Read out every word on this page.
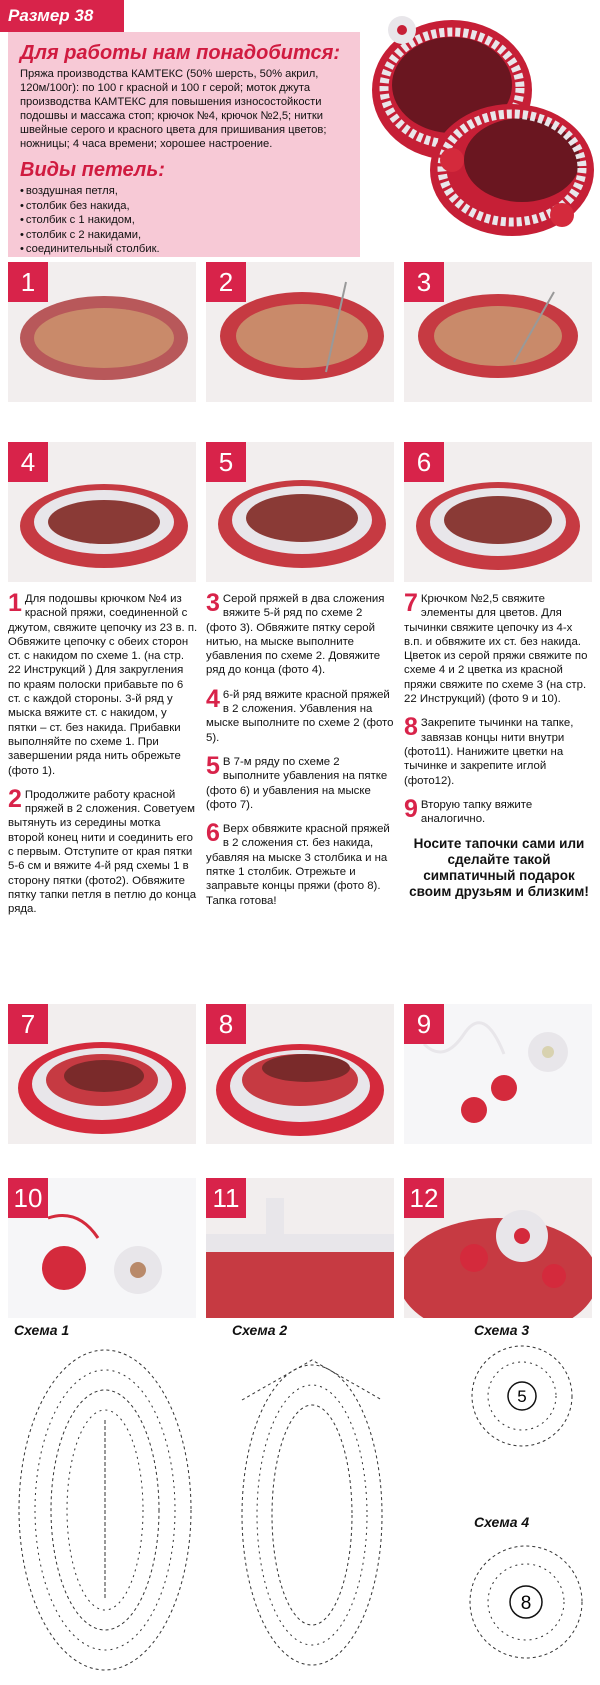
Размер 38

Для работы нам понадобится:

Пряжа производства КАМТЕКС (50% шерсть, 50% акрил, 120м/100г): по 100 г красной и 100 г серой; моток джута производства КАМТЕКС для повышения износостойкости подошвы и массажа стоп; крючок №4, крючок №2,5; нитки швейные серого и красного цвета для пришивания цветов; ножницы; 4 часа времени; хорошее настроение.

Виды петель:

• воздушная петля,
• столбик без накида,
• столбик с 1 накидом,
• столбик с 2 накидами,
• соединительный столбик.
1	2	3
4	5	6

1 Для подошвы крючком №4 из красной пряжи, соединенной с джутом, свяжите цепочку из 23 в. п. Обвяжите цепочку с обеих сторон ст. с накидом по схеме 1. (на стр. 22 Инструкций ) Для закругления по краям полоски прибавьте по 6 ст. с каждой стороны. 3-й ряд у мыска вяжите ст. с накидом, у пятки – ст. без накида. Прибавки выполняйте по схеме 1. При завершении ряда нить обрежьте (фото 1).

2 Продолжите работу красной пряжей в 2 сложения. Советуем вытянуть из середины мотка второй конец нити и соединить его с первым. Отступите от края пятки 5-6 см и вяжите 4-й ряд схемы 1 в сторону пятки (фото2). Обвяжите пятку тапки петля в петлю до конца ряда.

3 Серой пряжей в два сложения вяжите 5-й ряд по схеме 2 (фото 3). Обвяжите пятку серой нитью, на мыске выполните убавления по схеме 2. Довяжите ряд до конца (фото 4).

4 6-й ряд вяжите красной пряжей в 2 сложения. Убавления на мыске выполните по схеме 2 (фото 5).

5 В 7-м ряду по схеме 2 выполните убавления на пятке (фото 6) и убавления на мыске (фото 7).

6 Верх обвяжите красной пряжей в 2 сложения ст. без накида, убавляя на мыске 3 столбика и на пятке 1 столбик. Отрежьте и заправьте концы пряжи (фото 8). Тапка готова!

7 Крючком №2,5 свяжите элементы для цветов. Для тычинки свяжите цепочку из 4-х в.п. и обвяжите их ст. без накида. Цветок из серой пряжи свяжите по схеме 4 и 2 цветка из красной пряжи свяжите по схеме 3 (на стр. 22 Инструкций) (фото 9 и 10).

8 Закрепите тычинки на тапке, завязав концы нити внутри (фото11). Нанижите цветки на тычинке и закрепите иглой (фото12).

9 Вторую тапку вяжите аналогично.

Носите тапочки сами или сделайте такой симпатичный подарок своим друзьям и близким!
7	8	9
10	11	12
Схема 1	Схема 2	Схема 3
Схема 4
5
8
